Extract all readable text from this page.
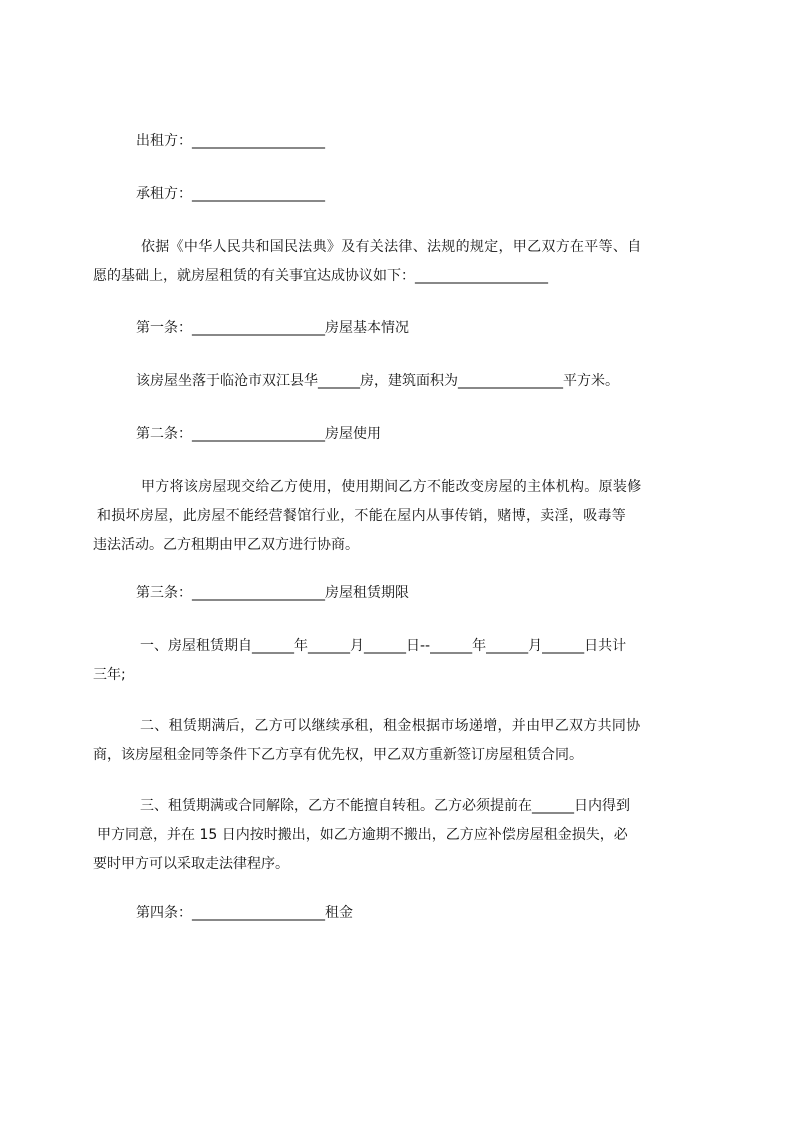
出租方：___________________

承租方：___________________

依据《中华人民共和国民法典》及有关法律、法规的规定，甲乙双方在平等、自

愿的基础上，就房屋租赁的有关事宜达成协议如下：___________________

第一条：___________________房屋基本情况

该房屋坐落于临沧市双江县华______房，建筑面积为_______________平方米。

第二条：___________________房屋使用

甲方将该房屋现交给乙方使用，使用期间乙方不能改变房屋的主体机构。原装修

和损坏房屋，此房屋不能经营餐馆行业，不能在屋内从事传销，赌博，卖淫，吸毒等

违法活动。乙方租期由甲乙双方进行协商。

第三条：___________________房屋租赁期限

一、房屋租赁期自______年______月______日--______年______月______日共计

三年;

二、租赁期满后，乙方可以继续承租，租金根据市场递增，并由甲乙双方共同协

商，该房屋租金同等条件下乙方享有优先权，甲乙双方重新签订房屋租赁合同。

三、租赁期满或合同解除，乙方不能擅自转租。乙方必须提前在______日内得到

甲方同意，并在 15 日内按时搬出，如乙方逾期不搬出，乙方应补偿房屋租金损失，必

要时甲方可以采取走法律程序。

第四条：___________________租金
